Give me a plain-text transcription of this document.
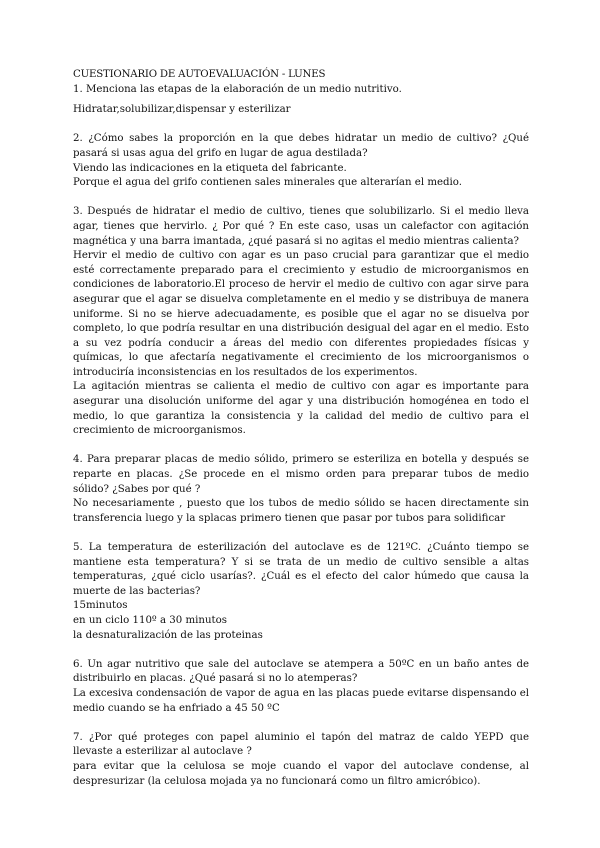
CUESTIONARIO DE AUTOEVALUACIÓN - LUNES

1. Menciona las etapas de la elaboración de un medio nutritivo.

Hidratar,solubilizar,dispensar y esterilizar

2. ¿Cómo sabes la proporción en la que debes hidratar un medio de cultivo? ¿Qué pasará si usas agua del grifo en lugar de agua destilada?

Viendo las indicaciones en la etiqueta del fabricante.

Porque el agua del grifo contienen sales minerales que alterarían el medio.

3. Después de hidratar el medio de cultivo, tienes que solubilizarlo. Si el medio lleva agar, tienes que hervirlo. ¿ Por qué ? En este caso, usas un calefactor con agitación magnética y una barra imantada, ¿qué pasará si no agitas el medio mientras calienta?

Hervir el medio de cultivo con agar es un paso crucial para garantizar que el medio esté correctamente preparado para el crecimiento y estudio de microorganismos en condiciones de laboratorio.El proceso de hervir el medio de cultivo con agar sirve para asegurar que el agar se disuelva completamente en el medio y se distribuya de manera uniforme. Si no se hierve adecuadamente, es posible que el agar no se disuelva por completo, lo que podría resultar en una distribución desigual del agar en el medio. Esto a su vez podría conducir a áreas del medio con diferentes propiedades físicas y químicas, lo que afectaría negativamente el crecimiento de los microorganismos o introduciría inconsistencias en los resultados de los experimentos.

La agitación mientras se calienta el medio de cultivo con agar es importante para asegurar una disolución uniforme del agar y una distribución homogénea en todo el medio, lo que garantiza la consistencia y la calidad del medio de cultivo para el crecimiento de microorganismos.

4. Para preparar placas de medio sólido, primero se esteriliza en botella y después se reparte en placas. ¿Se procede en el mismo orden para preparar tubos de medio sólido? ¿Sabes por qué ?

No necesariamente , puesto que los tubos de medio sólido se hacen directamente sin transferencia luego y la splacas primero tienen que pasar por tubos para solidificar

5. La temperatura de esterilización del autoclave es de 121ºC. ¿Cuánto tiempo se mantiene esta temperatura? Y si se trata de un medio de cultivo sensible a altas temperaturas, ¿qué ciclo usarías?. ¿Cuál es el efecto del calor húmedo que causa la muerte de las bacterias?

15minutos

en un ciclo 110º a 30 minutos

la desnaturalización de las proteinas

6. Un agar nutritivo que sale del autoclave se atempera a 50ºC en un baño antes de distribuirlo en placas. ¿Qué pasará si no lo atemperas?

La excesiva condensación de vapor de agua en las placas puede evitarse dispensando el medio cuando se ha enfriado a 45 50 ºC

7. ¿Por qué proteges con papel aluminio el tapón del matraz de caldo YEPD que llevaste a esterilizar al autoclave ?

para evitar que la celulosa se moje cuando el vapor del autoclave condense, al despresurizar (la celulosa mojada ya no funcionará como un filtro amicróbico).
